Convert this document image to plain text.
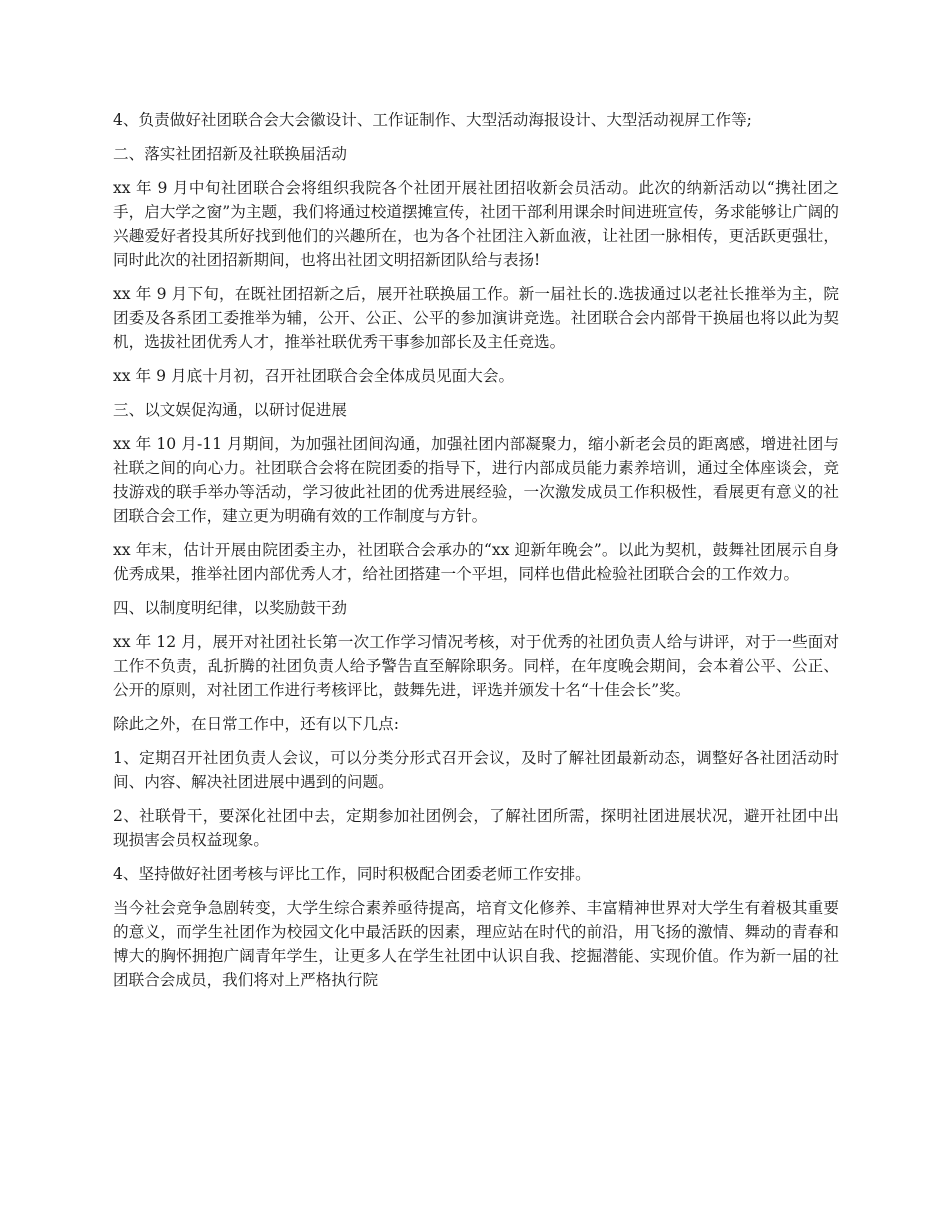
4、负责做好社团联合会大会徽设计、工作证制作、大型活动海报设计、大型活动视屏工作等;

二、落实社团招新及社联换届活动

xx 年 9 月中旬社团联合会将组织我院各个社团开展社团招收新会员活动。此次的纳新活动以“携社团之手，启大学之窗”为主题，我们将通过校道摆摊宣传，社团干部利用课余时间进班宣传，务求能够让广阔的兴趣爱好者投其所好找到他们的兴趣所在，也为各个社团注入新血液，让社团一脉相传，更活跃更强壮，同时此次的社团招新期间，也将出社团文明招新团队给与表扬!

xx 年 9 月下旬，在既社团招新之后，展开社联换届工作。新一届社长的.选拔通过以老社长推举为主，院团委及各系团工委推举为辅，公开、公正、公平的参加演讲竞选。社团联合会内部骨干换届也将以此为契机，选拔社团优秀人才，推举社联优秀干事参加部长及主任竞选。

xx 年 9 月底十月初，召开社团联合会全体成员见面大会。

三、以文娱促沟通，以研讨促进展

xx 年 10 月-11 月期间，为加强社团间沟通，加强社团内部凝聚力，缩小新老会员的距离感，增进社团与社联之间的向心力。社团联合会将在院团委的指导下，进行内部成员能力素养培训，通过全体座谈会，竞技游戏的联手举办等活动，学习彼此社团的优秀进展经验，一次激发成员工作积极性，看展更有意义的社团联合会工作，建立更为明确有效的工作制度与方针。

xx 年末，估计开展由院团委主办，社团联合会承办的“xx 迎新年晚会”。以此为契机，鼓舞社团展示自身优秀成果，推举社团内部优秀人才，给社团搭建一个平坦，同样也借此检验社团联合会的工作效力。

四、以制度明纪律，以奖励鼓干劲

xx 年 12 月，展开对社团社长第一次工作学习情况考核，对于优秀的社团负责人给与讲评，对于一些面对工作不负责，乱折腾的社团负责人给予警告直至解除职务。同样，在年度晚会期间，会本着公平、公正、公开的原则，对社团工作进行考核评比，鼓舞先进，评选并颁发十名“十佳会长”奖。

除此之外，在日常工作中，还有以下几点:

1、定期召开社团负责人会议，可以分类分形式召开会议，及时了解社团最新动态，调整好各社团活动时间、内容、解决社团进展中遇到的问题。

2、社联骨干，要深化社团中去，定期参加社团例会，了解社团所需，探明社团进展状况，避开社团中出现损害会员权益现象。

4、坚持做好社团考核与评比工作，同时积极配合团委老师工作安排。

当今社会竞争急剧转变，大学生综合素养亟待提高，培育文化修养、丰富精神世界对大学生有着极其重要的意义，而学生社团作为校园文化中最活跃的因素，理应站在时代的前沿，用飞扬的激情、舞动的青春和博大的胸怀拥抱广阔青年学生，让更多人在学生社团中认识自我、挖掘潜能、实现价值。作为新一届的社团联合会成员，我们将对上严格执行院
